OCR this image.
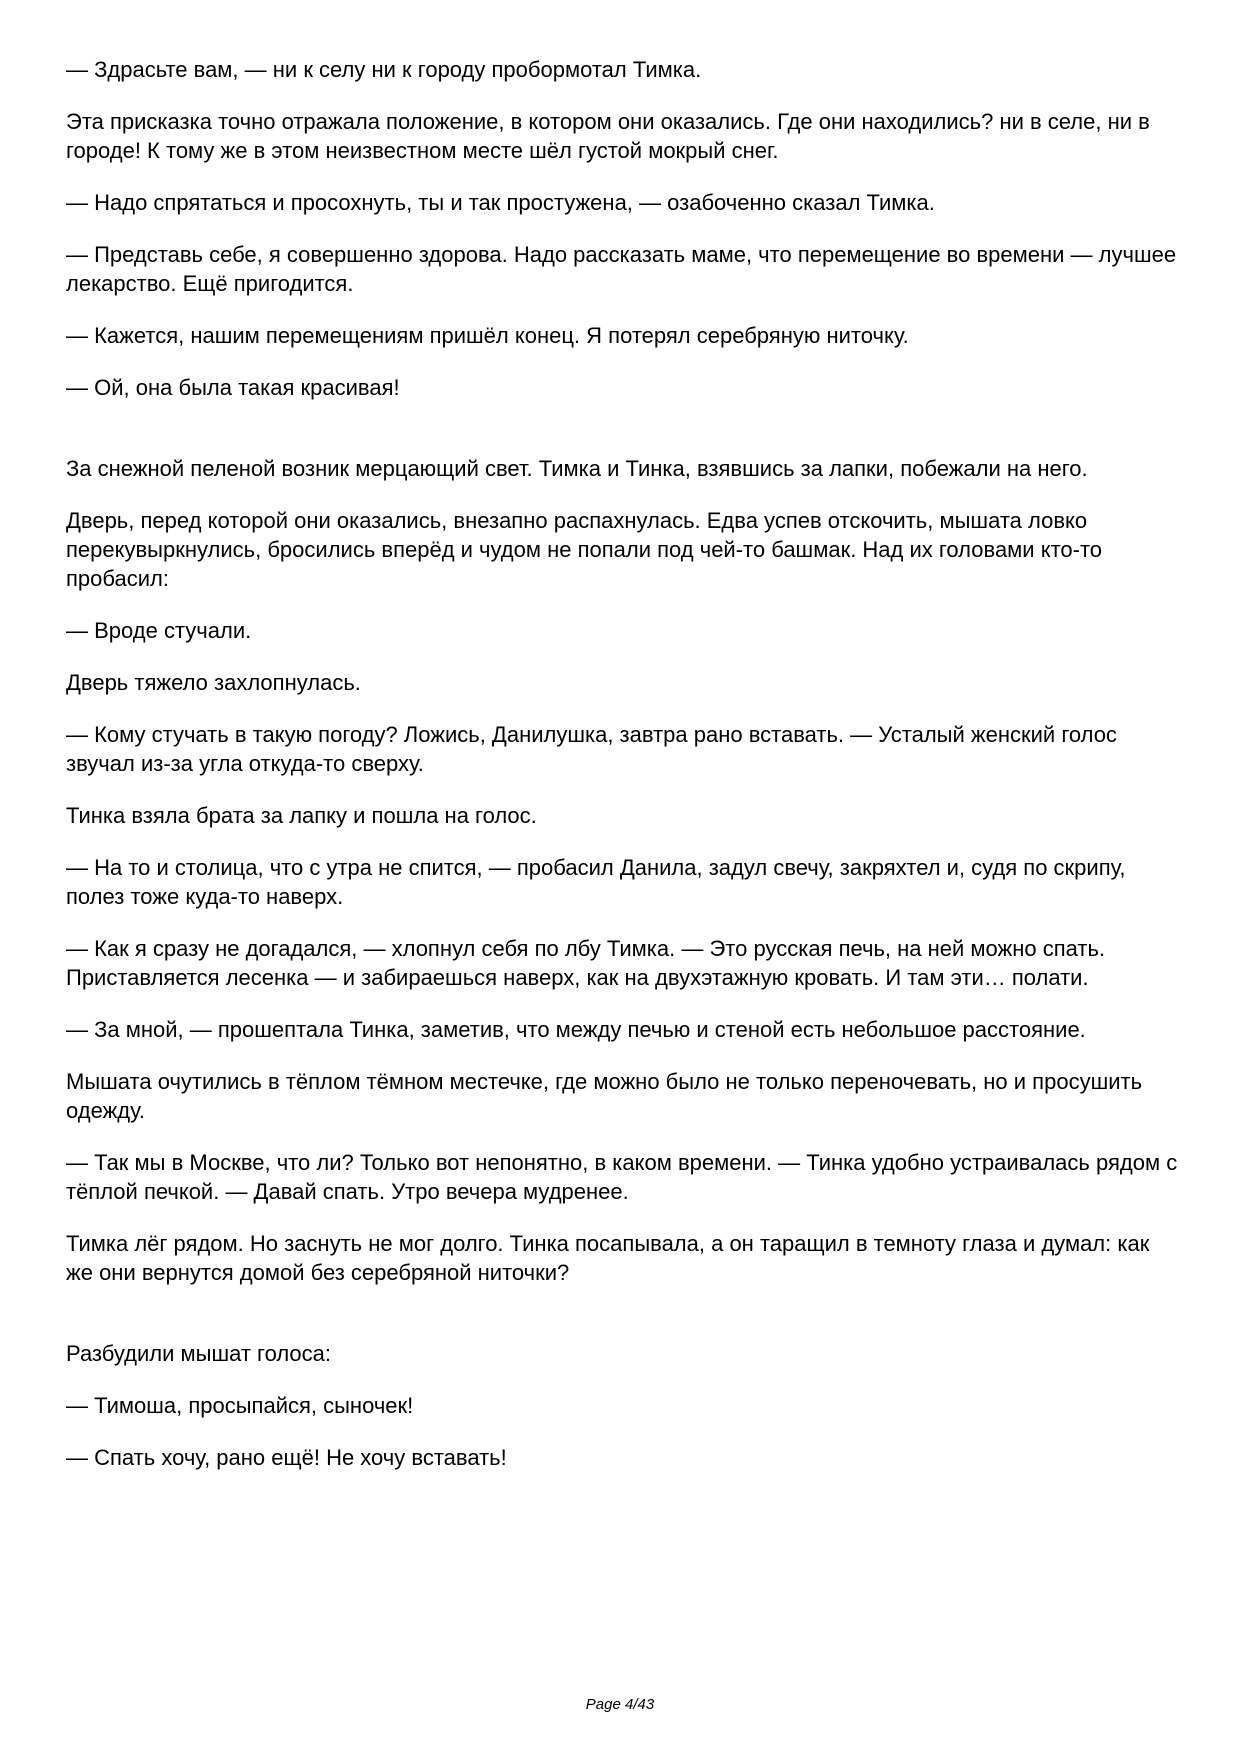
— Здрасьте вам, — ни к селу ни к городу пробормотал Тимка.

Эта присказка точно отражала положение, в котором они оказались. Где они находились? ни в селе, ни в городе! К тому же в этом неизвестном месте шёл густой мокрый снег.

— Надо спрятаться и просохнуть, ты и так простужена, — озабоченно сказал Тимка.

— Представь себе, я совершенно здорова. Надо рассказать маме, что перемещение во времени — лучшее лекарство. Ещё пригодится.

— Кажется, нашим перемещениям пришёл конец. Я потерял серебряную ниточку.

— Ой, она была такая красивая!

За снежной пеленой возник мерцающий свет. Тимка и Тинка, взявшись за лапки, побежали на него.

Дверь, перед которой они оказались, внезапно распахнулась. Едва успев отскочить, мышата ловко перекувыркнулись, бросились вперёд и чудом не попали под чей-то башмак. Над их головами кто-то пробасил:

— Вроде стучали.

Дверь тяжело захлопнулась.

— Кому стучать в такую погоду? Ложись, Данилушка, завтра рано вставать. — Усталый женский голос звучал из-за угла откуда-то сверху.

Тинка взяла брата за лапку и пошла на голос.

— На то и столица, что с утра не спится, — пробасил Данила, задул свечу, закряхтел и, судя по скрипу, полез тоже куда-то наверх.

— Как я сразу не догадался, — хлопнул себя по лбу Тимка. — Это русская печь, на ней можно спать. Приставляется лесенка — и забираешься наверх, как на двухэтажную кровать. И там эти… полати.

— За мной, — прошептала Тинка, заметив, что между печью и стеной есть небольшое расстояние.

Мышата очутились в тёплом тёмном местечке, где можно было не только переночевать, но и просушить одежду.

— Так мы в Москве, что ли? Только вот непонятно, в каком времени. — Тинка удобно устраивалась рядом с тёплой печкой. — Давай спать. Утро вечера мудренее.

Тимка лёг рядом. Но заснуть не мог долго. Тинка посапывала, а он таращил в темноту глаза и думал: как же они вернутся домой без серебряной ниточки?

Разбудили мышат голоса:

— Тимоша, просыпайся, сыночек!

— Спать хочу, рано ещё! Не хочу вставать!

Page 4/43
